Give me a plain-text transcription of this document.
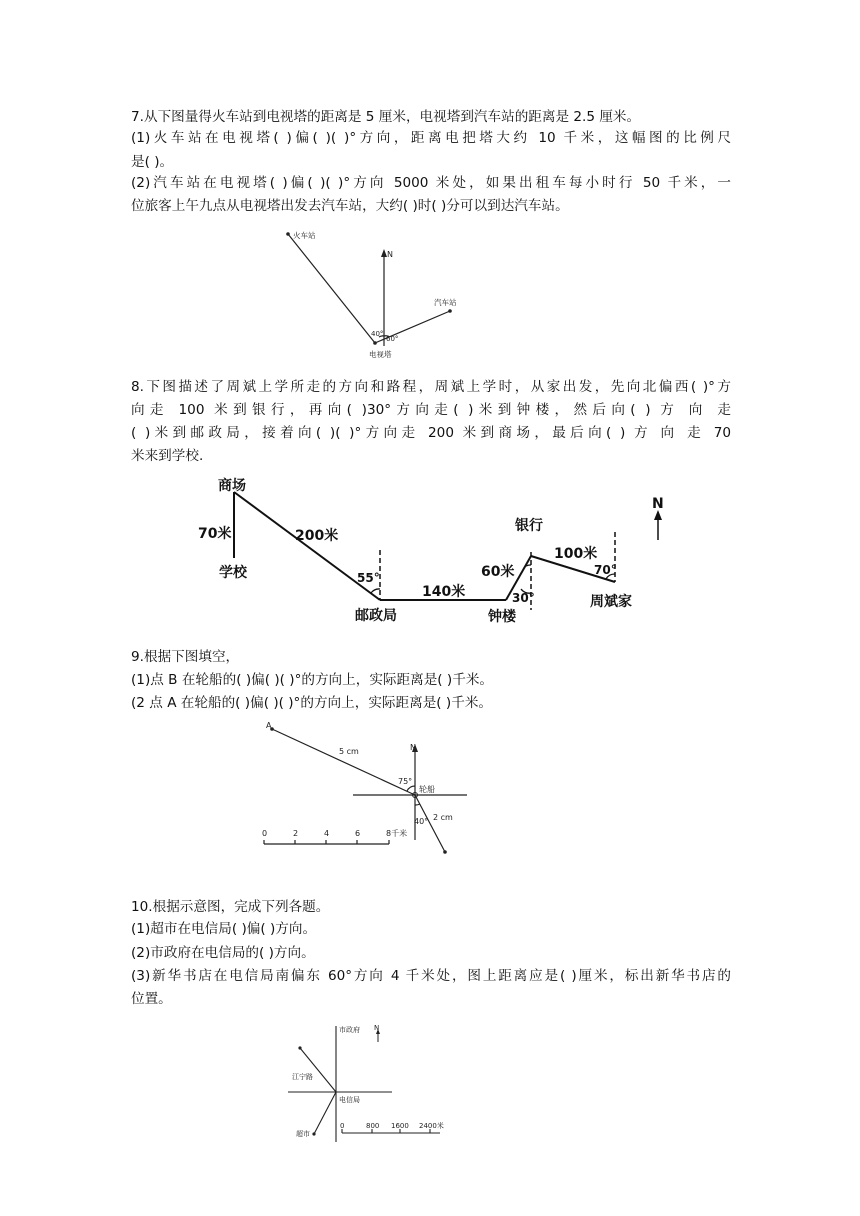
7.从下图量得火车站到电视塔的距离是 5 厘米，电视塔到汽车站的距离是 2.5 厘米。
(1)火车站在电视塔( )偏( )( )°方向，距离电把塔大约 10 千米，这幅图的比例尺
是( )。
(2)汽车站在电视塔( )偏( )( )°方向 5000 米处，如果出租车每小时行 50 千米，一
位旅客上午九点从电视塔出发去汽车站，大约( )时( )分可以到达汽车站。
火车站
N
汽车站
40°
60°
电视塔
8.下图描述了周斌上学所走的方向和路程，周斌上学时，从家出发，先向北偏西( )°方
向走 100 米到银行，再向( )30°方向走( )米到钟楼，然后向( ) 方 向 走
( )米到邮政局，接着向( )( )°方向走 200 米到商场，最后向( ) 方 向 走 70
米来到学校.
商场
70米
学校
200米
55°
邮政局
140米
60米
银行
30°
钟楼
100米
70°
周斌家
N
9.根据下图填空，
(1)点 B 在轮船的( )偏( )( )°的方向上，实际距离是( )千米。
(2 点 A 在轮船的( )偏( )( )°的方向上，实际距离是( )千米。
A
5 cm	N
75°
轮船
2 cm
40°
0	2	4	6	8千米
10.根据示意图，完成下列各题。
(1)超市在电信局( )偏( )方向。
(2)市政府在电信局的( )方向。
(3)新华书店在电信局南偏东 60°方向 4 千米处，图上距离应是( )厘米，标出新华书店的
位置。
市政府 N
江宁路
电信局
超市
0	800 1600 2400米
